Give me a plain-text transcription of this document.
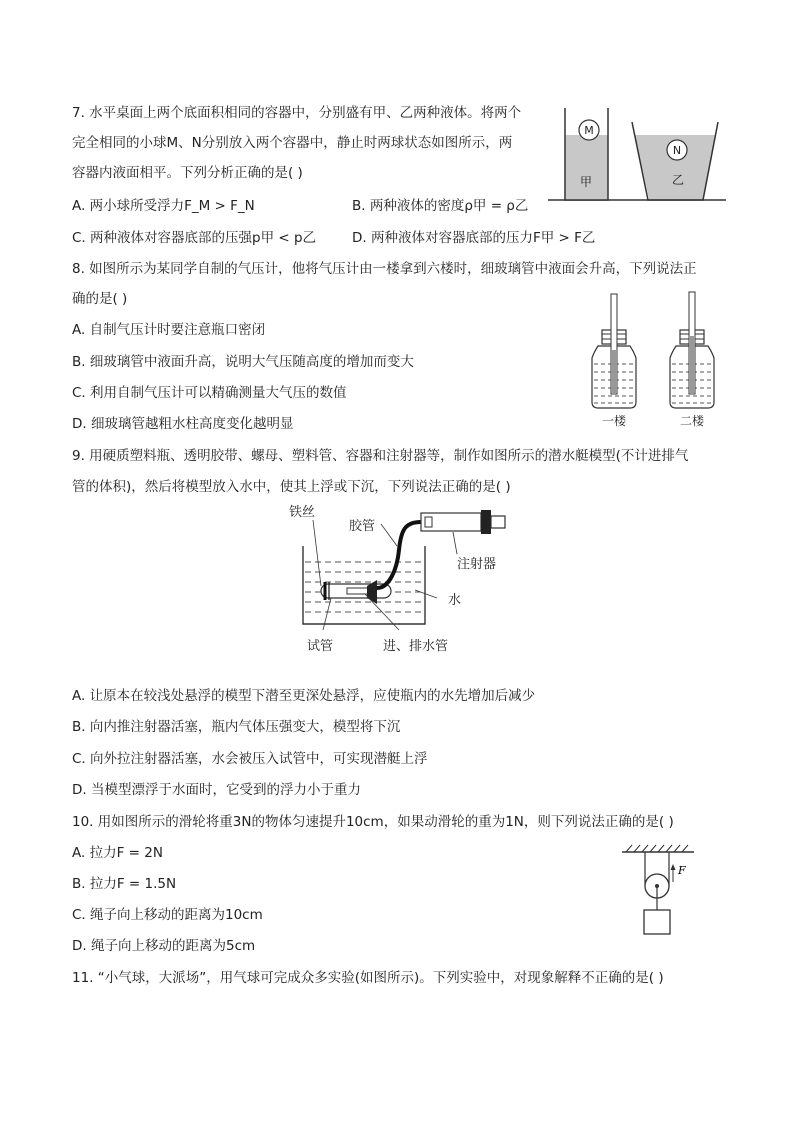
7. 水平桌面上两个底面积相同的容器中，分别盛有甲、乙两种液体。将两个
完全相同的小球M、N分别放入两个容器中，静止时两球状态如图所示，两
容器内液面相平。下列分析正确的是( )
A. 两小球所受浮力F_M > F_N	B. 两种液体的密度ρ甲 = ρ乙
C. 两种液体对容器底部的压强p甲 < p乙	D. 两种液体对容器底部的压力F甲 > F乙
M
甲
N
乙
8. 如图所示为某同学自制的气压计，他将气压计由一楼拿到六楼时，细玻璃管中液面会升高，下列说法正
确的是( )
A. 自制气压计时要注意瓶口密闭
B. 细玻璃管中液面升高，说明大气压随高度的增加而变大
C. 利用自制气压计可以精确测量大气压的数值
D. 细玻璃管越粗水柱高度变化越明显	一楼	二楼
9. 用硬质塑料瓶、透明胶带、螺母、塑料管、容器和注射器等，制作如图所示的潜水艇模型(不计进排气
管的体积)，然后将模型放入水中，使其上浮或下沉，下列说法正确的是( )
铁丝
胶管
注射器
水
试管	进、排水管
A. 让原本在较浅处悬浮的模型下潜至更深处悬浮，应使瓶内的水先增加后减少
B. 向内推注射器活塞，瓶内气体压强变大，模型将下沉
C. 向外拉注射器活塞，水会被压入试管中，可实现潜艇上浮
D. 当模型漂浮于水面时，它受到的浮力小于重力
10. 用如图所示的滑轮将重3N的物体匀速提升10cm，如果动滑轮的重为1N，则下列说法正确的是( )
A. 拉力F = 2N
B. 拉力F = 1.5N
C. 绳子向上移动的距离为10cm
D. 绳子向上移动的距离为5cm
F
11. “小气球，大派场”，用气球可完成众多实验(如图所示)。下列实验中，对现象解释不正确的是( )
